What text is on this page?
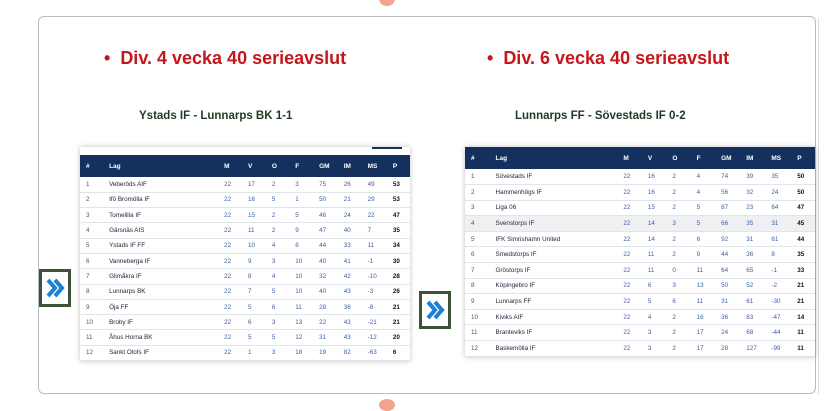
• Div. 4 vecka 40 serieavslut
Ystads IF - Lunnarps BK 1-1
#	Lag	M	V	O	F	GM	IM	MS	P
1	Veberöds AIF	22	17	2	3	75	26	49	53
2	Ifö Bromölla IF	22	16	5	1	50	21	29	53
3	Tomelilla IF	22	15	2	5	46	24	22	47
4	Gärsnäs AIS	22	11	2	9	47	40	7	35
5	Ystads IF FF	22	10	4	8	44	33	11	34
6	Vanneberga IF	22	9	3	10	40	41	-1	30
7	Glimåkra IF	22	8	4	10	32	42	-10	28
8	Lunnarps BK	22	7	5	10	40	43	-3	26
9	Öja FF	22	5	6	11	28	36	-8	21
10	Broby IF	22	6	3	13	22	43	-21	21
11	Åhus Horna BK	22	5	5	12	31	43	-12	20
12	Sankt Olofs IF	22	1	3	18	19	82	-63	6
• Div. 6 vecka 40 serieavslut
Lunnarps FF - Sövestads IF 0-2
#	Lag	M	V	O	F	GM	IM	MS	P
1	Sövestads IF	22	16	2	4	74	39	35	50
2	Hammenhögs IF	22	16	2	4	56	32	24	50
3	Liga 06	22	15	2	5	87	23	64	47
4	Svenstorps IF	22	14	3	5	66	35	31	45
5	IFK Simrishamn United	22	14	2	6	92	31	61	44
6	Smedstorps IF	22	11	2	9	44	36	8	35
7	Gröstorps IF	22	11	0	11	64	65	-1	33
8	Köpingebro IF	22	6	3	13	50	52	-2	21
9	Lunnarps FF	22	5	6	11	31	61	-30	21
10	Kiviks AIF	22	4	2	16	36	83	-47	14
11	Branteviks IF	22	3	2	17	24	68	-44	11
12	Baskemölla IF	22	3	2	17	28	127	-99	11
